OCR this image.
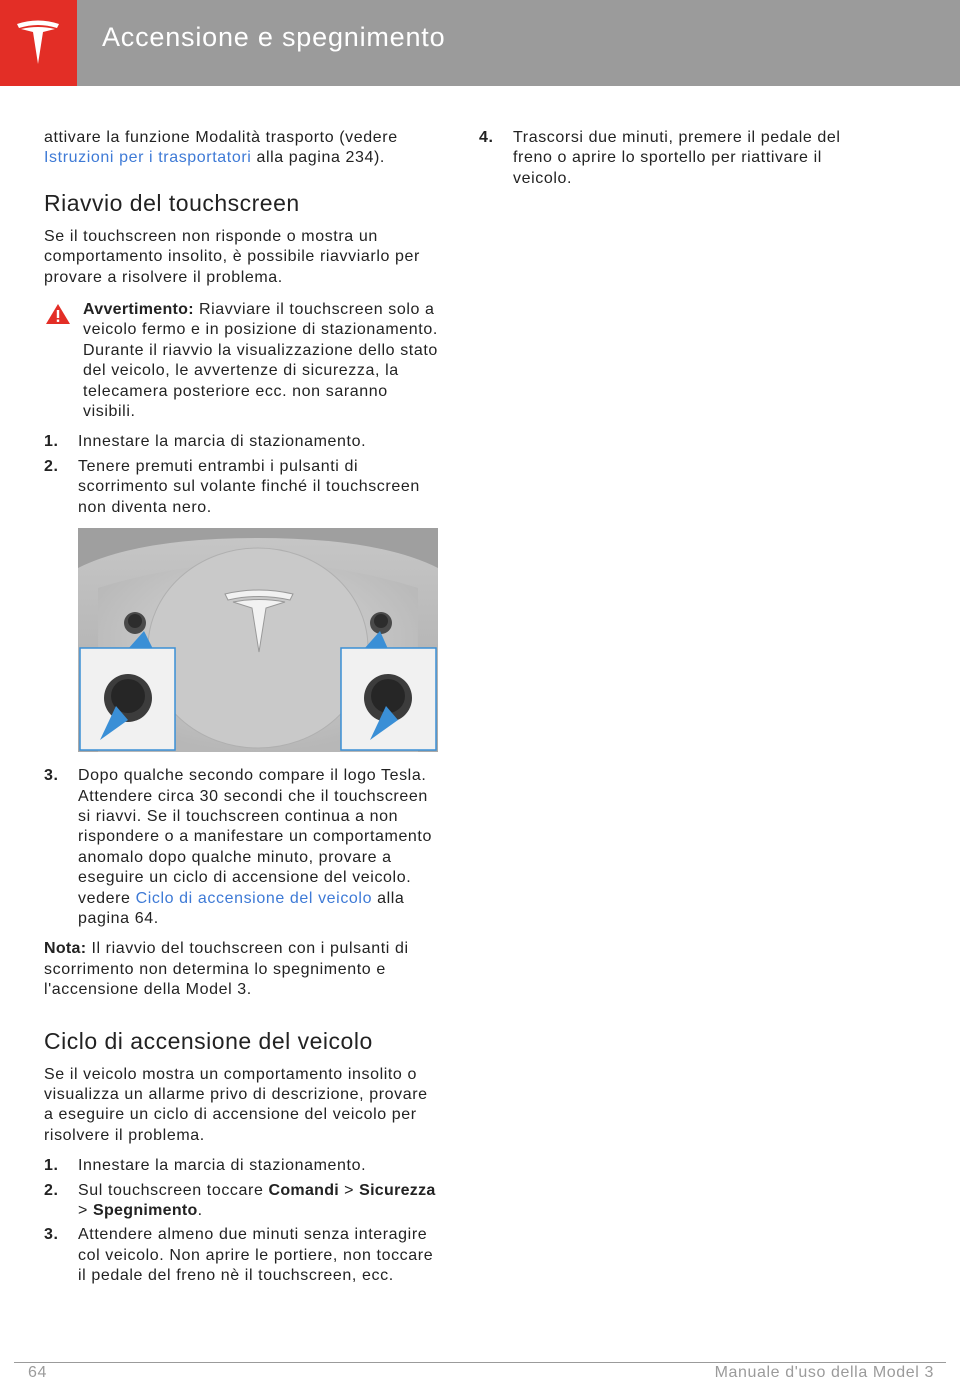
Accensione e spegnimento

attivare la funzione Modalità trasporto (vedere Istruzioni per i trasportatori alla pagina 234).

Riavvio del touchscreen

Se il touchscreen non risponde o mostra un comportamento insolito, è possibile riavviarlo per provare a risolvere il problema.

Avvertimento: Riavviare il touchscreen solo a veicolo fermo e in posizione di stazionamento. Durante il riavvio la visualizzazione dello stato del veicolo, le avvertenze di sicurezza, la telecamera posteriore ecc. non saranno visibili.

1.	Innestare la marcia di stazionamento.
2.	Tenere premuti entrambi i pulsanti di scorrimento sul volante finché il touchscreen non diventa nero.
3.	Dopo qualche secondo compare il logo Tesla. Attendere circa 30 secondi che il touchscreen si riavvi. Se il touchscreen continua a non rispondere o a manifestare un comportamento anomalo dopo qualche minuto, provare a eseguire un ciclo di accensione del veicolo. vedere Ciclo di accensione del veicolo alla pagina 64.

Nota: Il riavvio del touchscreen con i pulsanti di scorrimento non determina lo spegnimento e l'accensione della Model 3.

Ciclo di accensione del veicolo

Se il veicolo mostra un comportamento insolito o visualizza un allarme privo di descrizione, provare a eseguire un ciclo di accensione del veicolo per risolvere il problema.

1.	Innestare la marcia di stazionamento.
2.	Sul touchscreen toccare Comandi > Sicurezza > Spegnimento.
3.	Attendere almeno due minuti senza interagire col veicolo. Non aprire le portiere, non toccare il pedale del freno nè il touchscreen, ecc.
4.	Trascorsi due minuti, premere il pedale del freno o aprire lo sportello per riattivare il veicolo.
64	Manuale d'uso della Model 3
